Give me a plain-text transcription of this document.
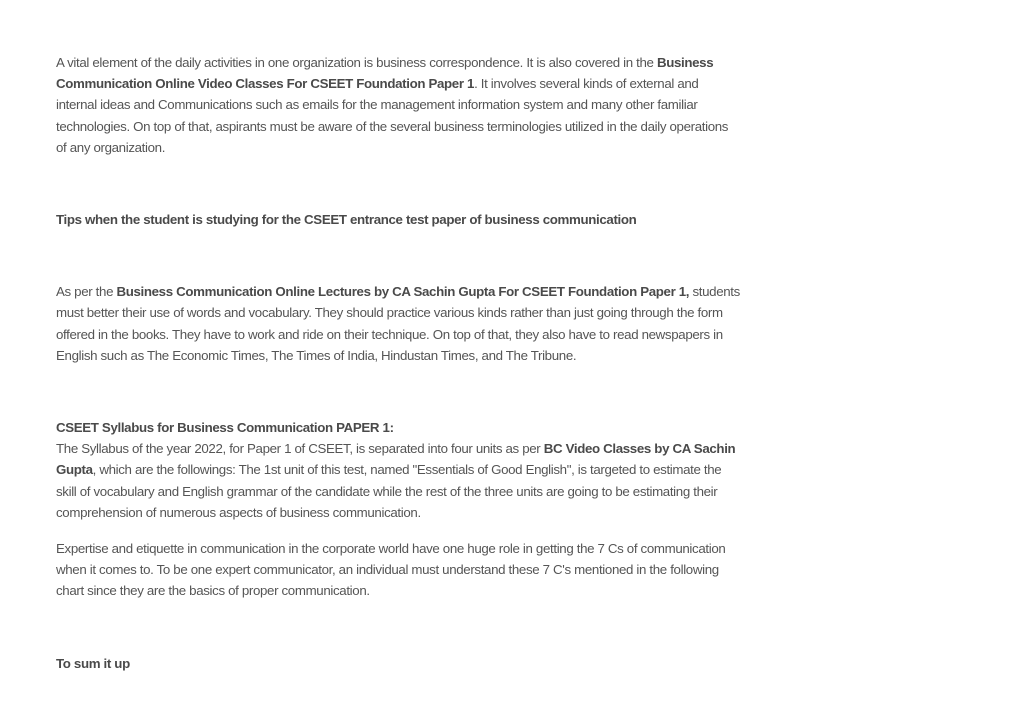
A vital element of the daily activities in one organization is business correspondence. It is also covered in the Business Communication Online Video Classes For CSEET Foundation Paper 1. It involves several kinds of external and internal ideas and Communications such as emails for the management information system and many other familiar technologies. On top of that, aspirants must be aware of the several business terminologies utilized in the daily operations of any organization.

Tips when the student is studying for the CSEET entrance test paper of business communication

As per the Business Communication Online Lectures by CA Sachin Gupta For CSEET Foundation Paper 1, students must better their use of words and vocabulary. They should practice various kinds rather than just going through the form offered in the books. They have to work and ride on their technique. On top of that, they also have to read newspapers in English such as The Economic Times, The Times of India, Hindustan Times, and The Tribune.

CSEET Syllabus for Business Communication PAPER 1:

The Syllabus of the year 2022, for Paper 1 of CSEET, is separated into four units as per BC Video Classes by CA Sachin Gupta, which are the followings: The 1st unit of this test, named "Essentials of Good English", is targeted to estimate the skill of vocabulary and English grammar of the candidate while the rest of the three units are going to be estimating their comprehension of numerous aspects of business communication.

Expertise and etiquette in communication in the corporate world have one huge role in getting the 7 Cs of communication when it comes to. To be one expert communicator, an individual must understand these 7 C's mentioned in the following chart since they are the basics of proper communication.

To sum it up
